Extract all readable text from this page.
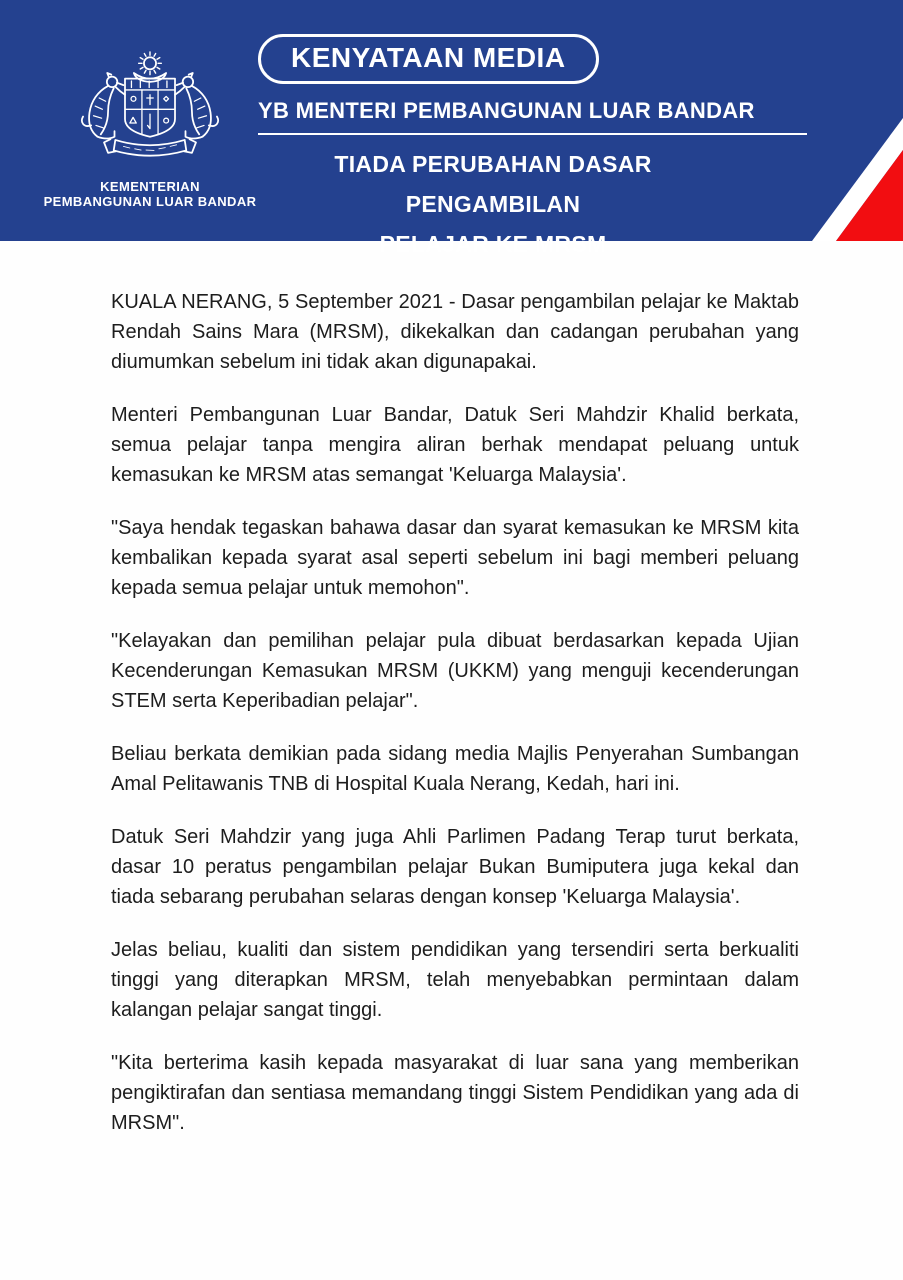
KEMENTERIAN
PEMBANGUNAN LUAR BANDAR
KENYATAAN MEDIA
YB MENTERI PEMBANGUNAN LUAR BANDAR
TIADA PERUBAHAN DASAR PENGAMBILAN
PELAJAR KE MRSM

KUALA NERANG, 5 September 2021 - Dasar pengambilan pelajar ke Maktab Rendah Sains Mara (MRSM), dikekalkan dan cadangan perubahan yang diumumkan sebelum ini tidak akan digunapakai.

Menteri Pembangunan Luar Bandar, Datuk Seri Mahdzir Khalid berkata, semua pelajar tanpa mengira aliran berhak mendapat peluang untuk kemasukan ke MRSM atas semangat 'Keluarga Malaysia'.

"Saya hendak tegaskan bahawa dasar dan syarat kemasukan ke MRSM kita kembalikan kepada syarat asal seperti sebelum ini bagi memberi peluang kepada semua pelajar untuk memohon".

"Kelayakan dan pemilihan pelajar pula dibuat berdasarkan kepada Ujian Kecenderungan Kemasukan MRSM (UKKM) yang menguji kecenderungan STEM serta Keperibadian pelajar".

Beliau berkata demikian pada sidang media Majlis Penyerahan Sumbangan Amal Pelitawanis TNB di Hospital Kuala Nerang, Kedah, hari ini.

Datuk Seri Mahdzir yang juga Ahli Parlimen Padang Terap turut berkata, dasar 10 peratus pengambilan pelajar Bukan Bumiputera juga kekal dan tiada sebarang perubahan selaras dengan konsep 'Keluarga Malaysia'.

Jelas beliau, kualiti dan sistem pendidikan yang tersendiri serta berkualiti tinggi yang diterapkan MRSM, telah menyebabkan permintaan dalam kalangan pelajar sangat tinggi.

"Kita berterima kasih kepada masyarakat di luar sana yang memberikan pengiktirafan dan sentiasa memandang tinggi Sistem Pendidikan yang ada di MRSM".
